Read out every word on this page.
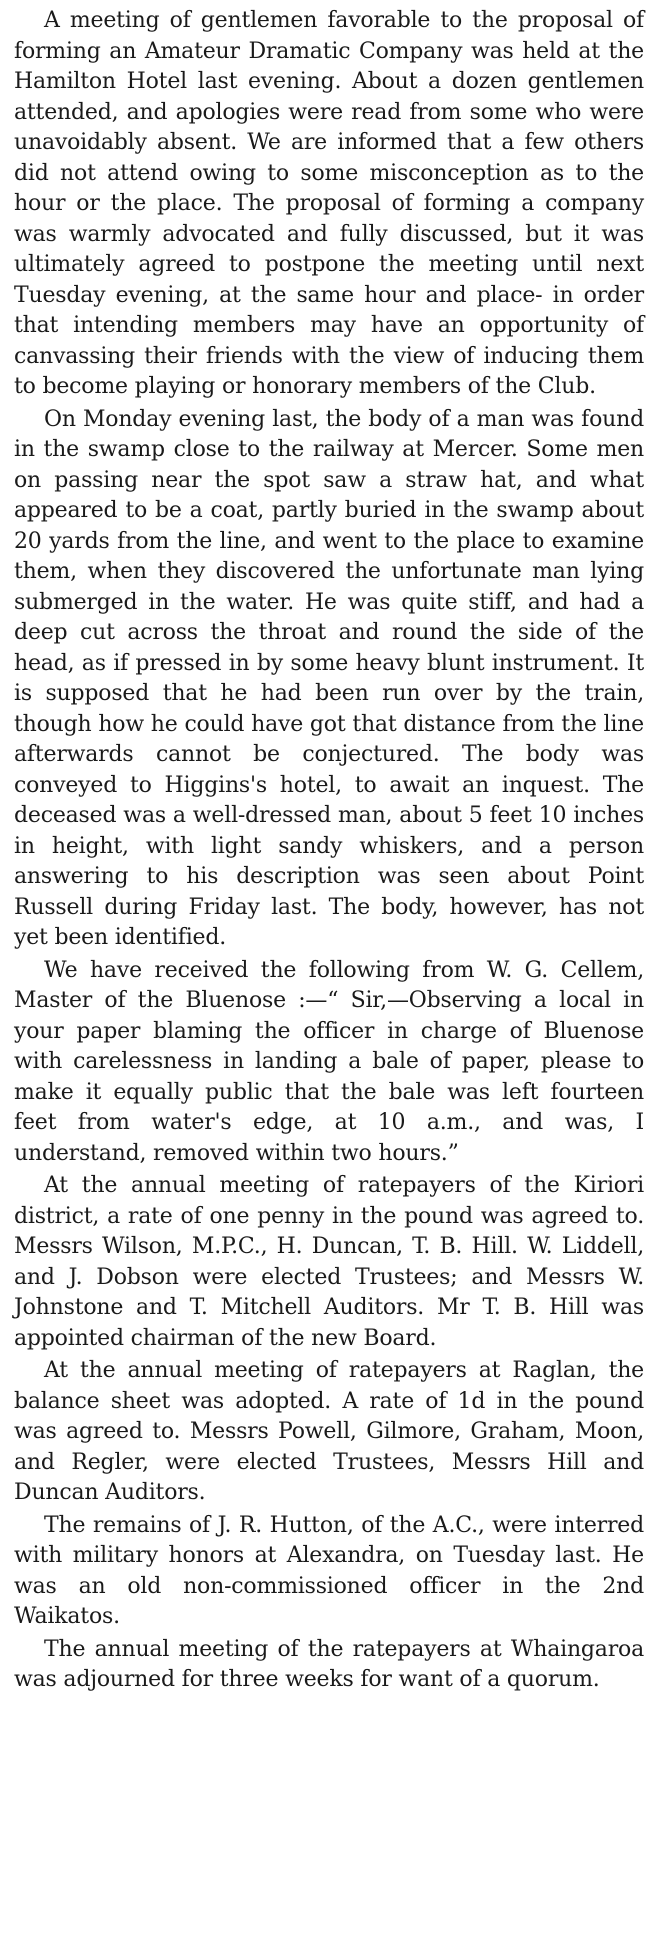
A meeting of gentlemen favorable to the proposal of forming an Amateur Dramatic Company was held at the Hamilton Hotel last evening. About a dozen gentlemen attended, and apologies were read from some who were unavoidably absent. We are informed that a few others did not attend owing to some misconception as to the hour or the place. The proposal of forming a company was warmly advocated and fully discussed, but it was ultimately agreed to postpone the meeting until next Tuesday evening, at the same hour and place- in order that intending members may have an opportunity of canvassing their friends with the view of inducing them to become playing or honorary members of the Club.

On Monday evening last, the body of a man was found in the swamp close to the railway at Mercer. Some men on passing near the spot saw a straw hat, and what appeared to be a coat, partly buried in the swamp about 20 yards from the line, and went to the place to examine them, when they discovered the unfortunate man lying submerged in the water. He was quite stiff, and had a deep cut across the throat and round the side of the head, as if pressed in by some heavy blunt instrument. It is supposed that he had been run over by the train, though how he could have got that distance from the line afterwards cannot be conjectured. The body was conveyed to Higgins's hotel, to await an inquest. The deceased was a well-dressed man, about 5 feet 10 inches in height, with light sandy whiskers, and a person answering to his description was seen about Point Russell during Friday last. The body, however, has not yet been identified.

We have received the following from W. G. Cellem, Master of the Bluenose :—“ Sir,—Observing a local in your paper blaming the officer in charge of Bluenose with carelessness in landing a bale of paper, please to make it equally public that the bale was left fourteen feet from water's edge, at 10 a.m., and was, I understand, removed within two hours.”

At the annual meeting of ratepayers of the Kiriori district, a rate of one penny in the pound was agreed to. Messrs Wilson, M.P.C., H. Duncan, T. B. Hill. W. Liddell, and J. Dobson were elected Trustees; and Messrs W. Johnstone and T. Mitchell Auditors. Mr T. B. Hill was appointed chairman of the new Board.

At the annual meeting of ratepayers at Raglan, the balance sheet was adopted. A rate of 1d in the pound was agreed to. Messrs Powell, Gilmore, Graham, Moon, and Regler, were elected Trustees, Messrs Hill and Duncan Auditors.

The remains of J. R. Hutton, of the A.C., were interred with military honors at Alexandra, on Tuesday last. He was an old non-commissioned officer in the 2nd Waikatos.

The annual meeting of the ratepayers at Whaingaroa was adjourned for three weeks for want of a quorum.
